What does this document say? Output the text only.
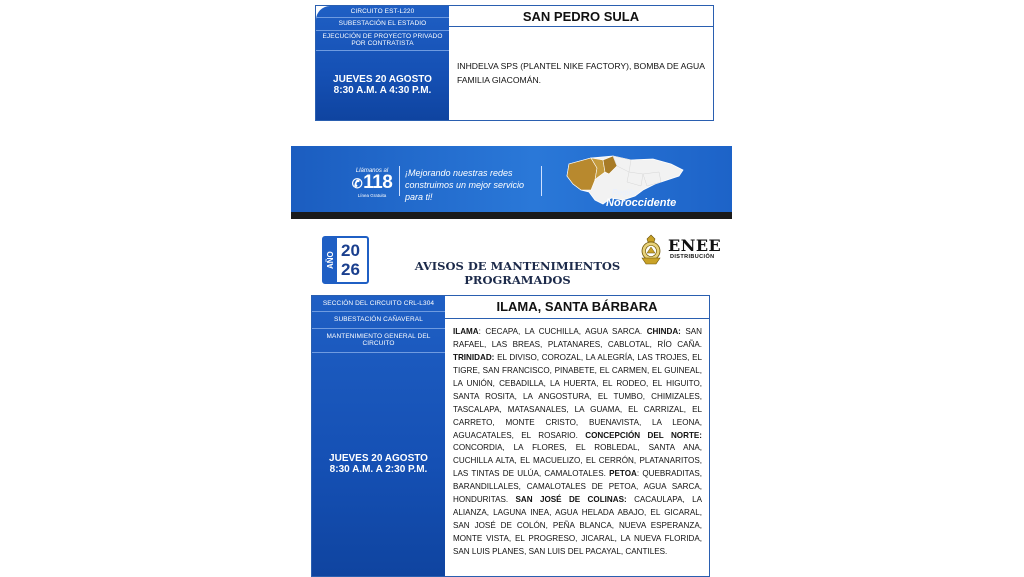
CIRCUITO EST-L220
SUBESTACIÓN EL ESTADIO
EJECUCIÓN DE PROYECTO PRIVADO POR CONTRATISTA
JUEVES 20 AGOSTO
8:30 A.M. A 4:30 P.M.
SAN PEDRO SULA
INHDELVA SPS (PLANTEL NIKE FACTORY), BOMBA DE AGUA FAMILIA GIACOMÁN.
Llámanos al
✆118
Línea Gratuita
¡Mejorando nuestras redes construimos un mejor servicio para ti!	Región
Noroccidente
AÑO 20
26	AVISOS DE MANTENIMIENTOS
PROGRAMADOS
ENEE
DISTRIBUCIÓN
SECCIÓN DEL CIRCUITO CRL-L304
SUBESTACIÓN CAÑAVERAL
MANTENIMIENTO GENERAL DEL CIRCUITO
JUEVES 20 AGOSTO
8:30 A.M. A 2:30 P.M.
ILAMA, SANTA BÁRBARA
ILAMA: CECAPA, LA CUCHILLA, AGUA SARCA. CHINDA: SAN RAFAEL, LAS BREAS, PLATANARES, CABLOTAL, RÍO CAÑA. TRINIDAD: EL DIVISO, COROZAL, LA ALEGRÍA, LAS TROJES, EL TIGRE, SAN FRANCISCO, PINABETE, EL CARMEN, EL GUINEAL, LA UNIÓN, CEBADILLA, LA HUERTA, EL RODEO, EL HIGUITO, SANTA ROSITA, LA ANGOSTURA, EL TUMBO, CHIMIZALES, TASCALAPA, MATASANALES, LA GUAMA, EL CARRIZAL, EL CARRETO, MONTE CRISTO, BUENAVISTA, LA LEONA, AGUACATALES, EL ROSARIO. CONCEPCIÓN DEL NORTE: CONCORDIA, LA FLORES, EL ROBLEDAL, SANTA ANA, CUCHILLA ALTA, EL MACUELIZO, EL CERRÓN, PLATANARITOS, LAS TINTAS DE ULÚA, CAMALOTALES. PETOA: QUEBRADITAS, BARANDILLALES, CAMALOTALES DE PETOA, AGUA SARCA, HONDURITAS. SAN JOSÉ DE COLINAS: CACAULAPA, LA ALIANZA, LAGUNA INEA, AGUA HELADA ABAJO, EL GICARAL, SAN JOSÉ DE COLÓN, PEÑA BLANCA, NUEVA ESPERANZA, MONTE VISTA, EL PROGRESO, JICARAL, LA NUEVA FLORIDA, SAN LUIS PLANES, SAN LUIS DEL PACAYAL, CANTILES.
